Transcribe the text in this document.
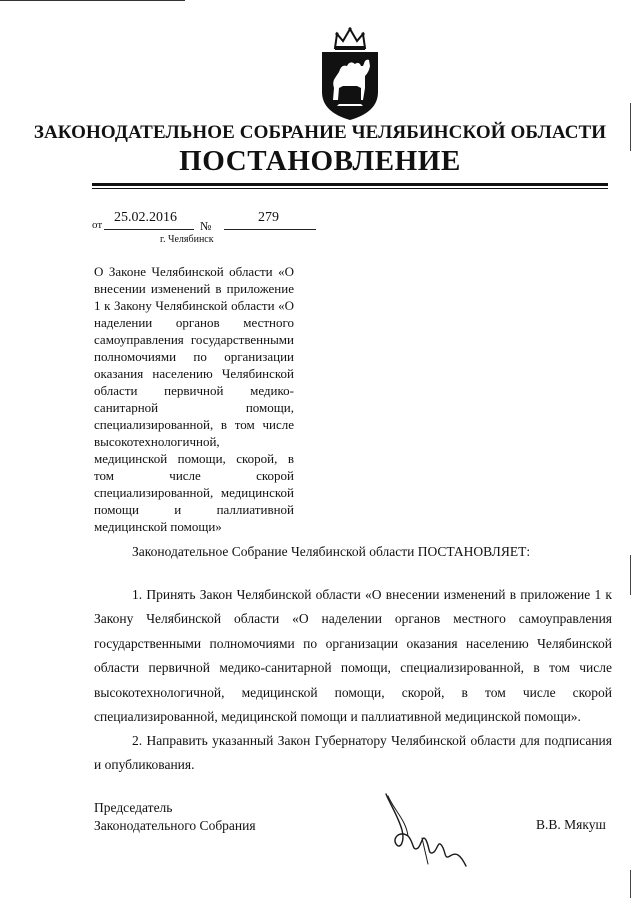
ЗАКОНОДАТЕЛЬНОЕ СОБРАНИЕ ЧЕЛЯБИНСКОЙ ОБЛАСТИ
ПОСТАНОВЛЕНИЕ
от 25.02.2016
№
279
г. Челябинск
О Законе Челябинской области «О внесении изменений в приложение 1 к Закону Челябинской области «О наделении органов местного самоуправления государственными полномочиями по организации оказания населению Челябинской области первичной медико-санитарной помощи, специализированной, в том числе высокотехнологичной, медицинской помощи, скорой, в том числе скорой специализированной, медицинской помощи и паллиативной медицинской помощи»
Законодательное Собрание Челябинской области ПОСТАНОВЛЯЕТ:
1. Принять Закон Челябинской области «О внесении изменений в приложение 1 к Закону Челябинской области «О наделении органов местного самоуправления государственными полномочиями по организации оказания населению Челябинской области первичной медико-санитарной помощи, специализированной, в том числе высокотехнологичной, медицинской помощи, скорой, в том числе скорой специализированной, медицинской помощи и паллиативной медицинской помощи».
2. Направить указанный Закон Губернатору Челябинской области для подписания и опубликования.
Председатель
Законодательного Собрания	В.В. Мякуш
